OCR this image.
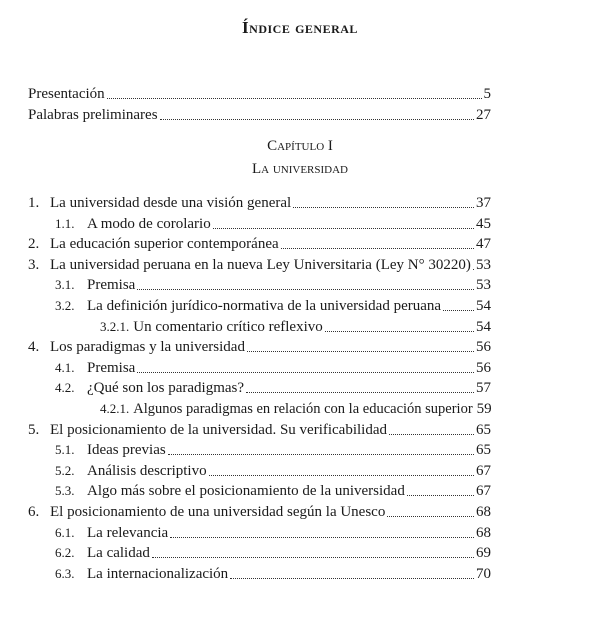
Índice general
Presentación	5
Palabras preliminares	27
Capítulo I
La universidad
1. La universidad desde una visión general	37
1.1. A modo de corolario	45
2. La educación superior contemporánea	47
3. La universidad peruana en la nueva Ley Universitaria (Ley N° 30220) 53
3.1. Premisa	53
3.2. La definición jurídico-normativa de la universidad peruana 54
3.2.1. Un comentario crítico reflexivo	54
4. Los paradigmas y la universidad	56
4.1. Premisa	56
4.2. ¿Qué son los paradigmas?	57
4.2.1. Algunos paradigmas en relación con la educación superior 59
5. El posicionamiento de la universidad. Su verificabilidad	65
5.1. Ideas previas	65
5.2. Análisis descriptivo	67
5.3. Algo más sobre el posicionamiento de la universidad	67
6. El posicionamiento de una universidad según la Unesco	68
6.1. La relevancia	68
6.2. La calidad	69
6.3. La internacionalización	70
